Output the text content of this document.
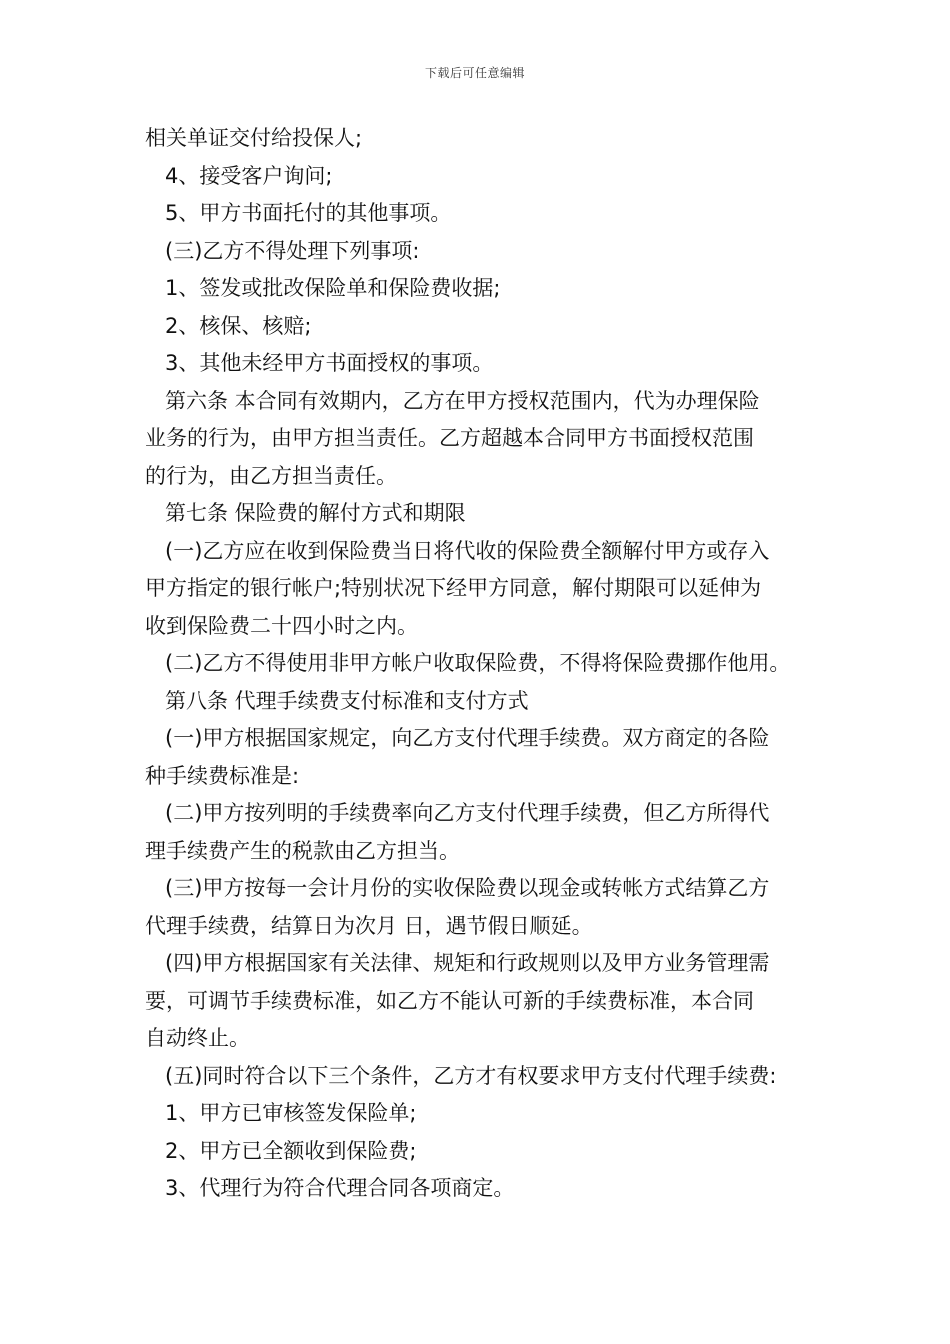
下载后可任意编辑
相关单证交付给投保人;
4、接受客户询问;
5、甲方书面托付的其他事项。
(三)乙方不得处理下列事项:
1、签发或批改保险单和保险费收据;
2、核保、核赔;
3、其他未经甲方书面授权的事项。
第六条 本合同有效期内，乙方在甲方授权范围内，代为办理保险
业务的行为，由甲方担当责任。乙方超越本合同甲方书面授权范围
的行为，由乙方担当责任。
第七条 保险费的解付方式和期限
(一)乙方应在收到保险费当日将代收的保险费全额解付甲方或存入
甲方指定的银行帐户;特别状况下经甲方同意，解付期限可以延伸为
收到保险费二十四小时之内。
(二)乙方不得使用非甲方帐户收取保险费，不得将保险费挪作他用。
第八条 代理手续费支付标准和支付方式
(一)甲方根据国家规定，向乙方支付代理手续费。双方商定的各险
种手续费标准是:
(二)甲方按列明的手续费率向乙方支付代理手续费，但乙方所得代
理手续费产生的税款由乙方担当。
(三)甲方按每一会计月份的实收保险费以现金或转帐方式结算乙方
代理手续费，结算日为次月 日，遇节假日顺延。
(四)甲方根据国家有关法律、规矩和行政规则以及甲方业务管理需
要，可调节手续费标准，如乙方不能认可新的手续费标准，本合同
自动终止。
(五)同时符合以下三个条件，乙方才有权要求甲方支付代理手续费:
1、甲方已审核签发保险单;
2、甲方已全额收到保险费;
3、代理行为符合代理合同各项商定。
